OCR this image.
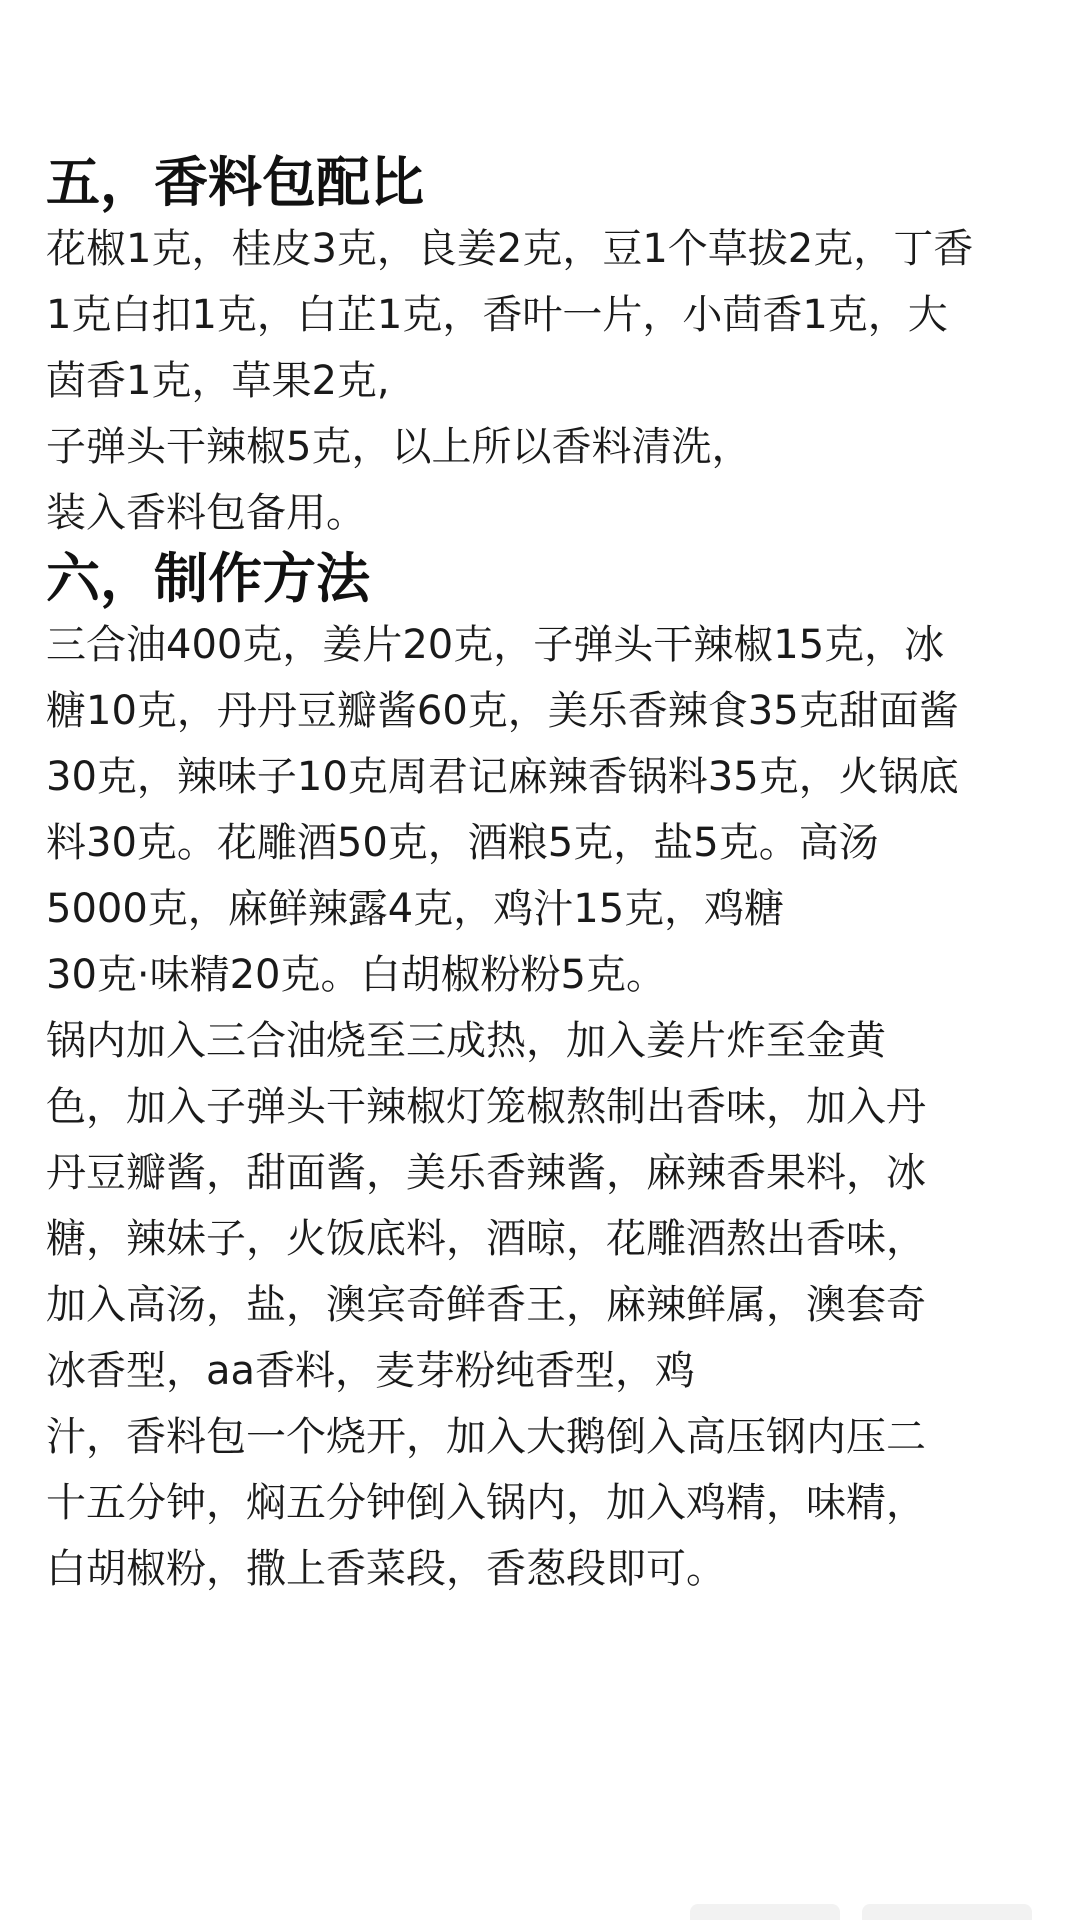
五，香料包配比

花椒1克，桂皮3克，良姜2克，豆1个草拔2克，丁香

1克白扣1克，白芷1克，香叶一片，小茴香1克，大

茵香1克，草果2克,

子弹头干辣椒5克，以上所以香料清洗，

装入香料包备用。

六，制作方法

三合油400克，姜片20克，子弹头干辣椒15克，冰

糖10克，丹丹豆瓣酱60克，美乐香辣食35克甜面酱

30克，辣味子10克周君记麻辣香锅料35克，火锅底

料30克。花雕酒50克，酒粮5克，盐5克。高汤

5000克，麻鲜辣露4克，鸡汁15克，鸡糖

30克·味精20克。白胡椒粉粉5克。

锅内加入三合油烧至三成热，加入姜片炸至金黄

色，加入子弹头干辣椒灯笼椒熬制出香味，加入丹

丹豆瓣酱，甜面酱，美乐香辣酱，麻辣香果料，冰

糖，辣妹子，火饭底料，酒晾，花雕酒熬出香味，

加入高汤，盐，澳宾奇鲜香王，麻辣鲜属，澳套奇

冰香型，aa香料，麦芽粉纯香型，鸡

汁，香料包一个烧开，加入大鹅倒入高压钢内压二

十五分钟，焖五分钟倒入锅内，加入鸡精，味精，

白胡椒粉，撒上香菜段，香葱段即可。
